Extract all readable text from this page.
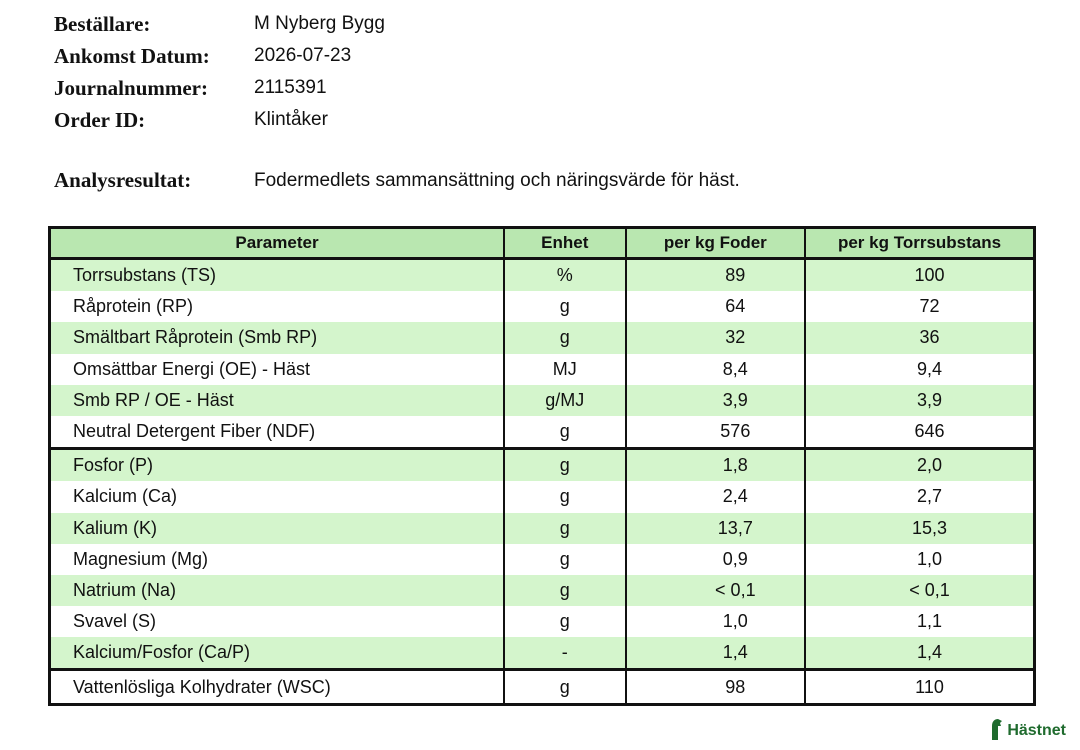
Beställare:	M Nyberg Bygg
Ankomst Datum:	2026-07-23
Journalnummer:	2115391
Order ID:	Klintåker
Analysresultat:	Fodermedlets sammansättning och näringsvärde för häst.
Parameter	Enhet	per kg Foder	per kg Torrsubstans
Torrsubstans (TS)	%	89	100
Råprotein (RP)	g	64	72
Smältbart Råprotein (Smb RP)	g	32	36
Omsättbar Energi (OE) - Häst	MJ	8,4	9,4
Smb RP / OE - Häst	g/MJ	3,9	3,9
Neutral Detergent Fiber (NDF)	g	576	646
Fosfor (P)	g	1,8	2,0
Kalcium (Ca)	g	2,4	2,7
Kalium (K)	g	13,7	15,3
Magnesium (Mg)	g	0,9	1,0
Natrium (Na)	g	< 0,1	< 0,1
Svavel (S)	g	1,0	1,1
Kalcium/Fosfor (Ca/P)	-	1,4	1,4
Vattenlösliga Kolhydrater (WSC)	g	98	110
Hästnet
